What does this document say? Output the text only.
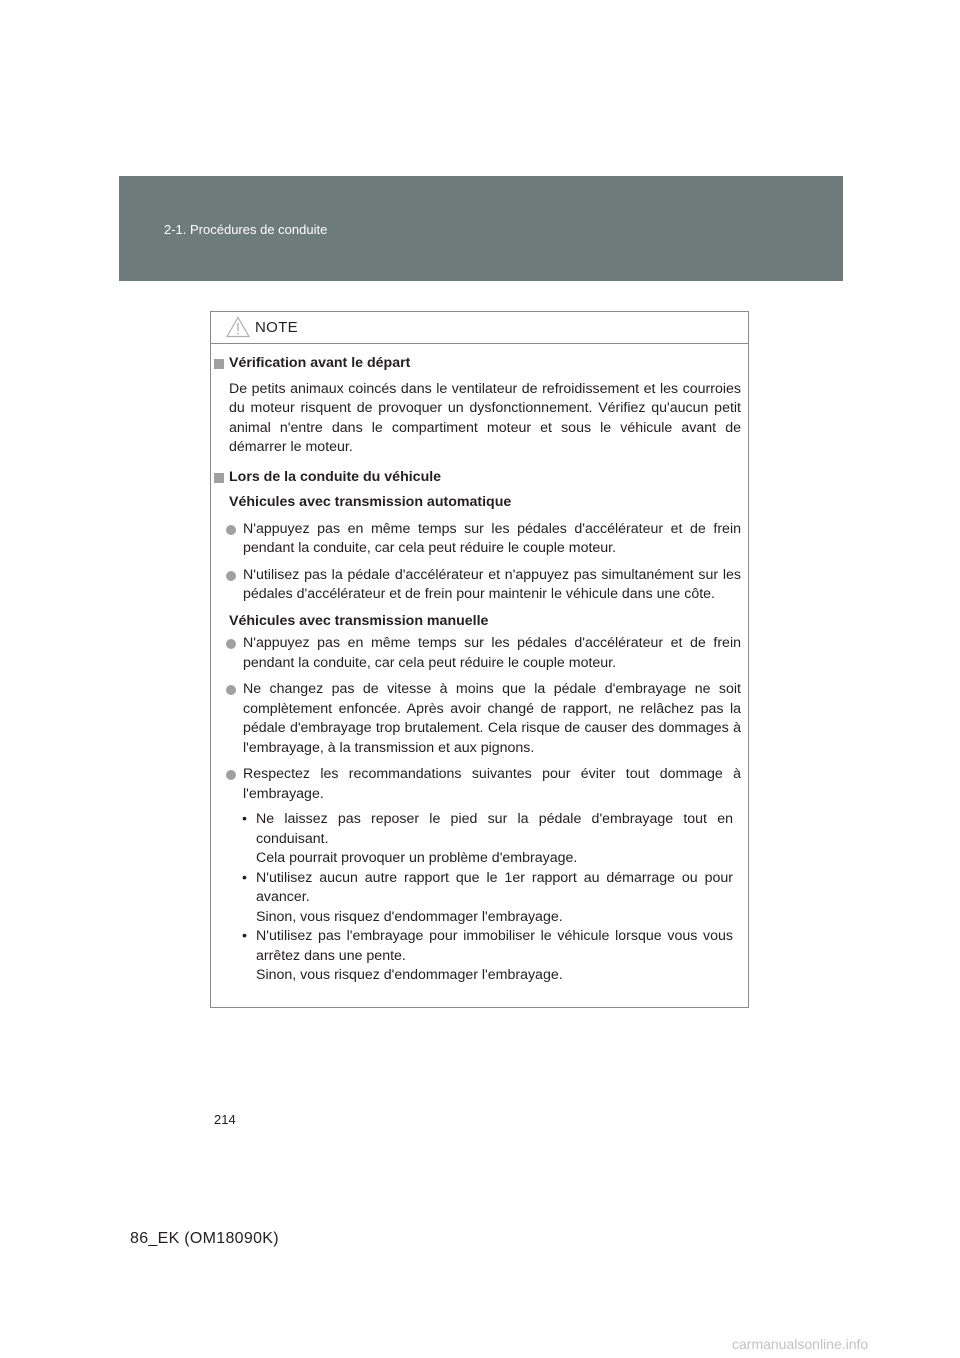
2-1. Procédures de conduite
NOTE
Vérification avant le départ
De petits animaux coincés dans le ventilateur de refroidissement et les courroies du moteur risquent de provoquer un dysfonctionnement. Vérifiez qu'aucun petit animal n'entre dans le compartiment moteur et sous le véhicule avant de démarrer le moteur.
Lors de la conduite du véhicule
Véhicules avec transmission automatique
N'appuyez pas en même temps sur les pédales d'accélérateur et de frein pendant la conduite, car cela peut réduire le couple moteur.
N'utilisez pas la pédale d'accélérateur et n'appuyez pas simultanément sur les pédales d'accélérateur et de frein pour maintenir le véhicule dans une côte.
Véhicules avec transmission manuelle
N'appuyez pas en même temps sur les pédales d'accélérateur et de frein pendant la conduite, car cela peut réduire le couple moteur.
Ne changez pas de vitesse à moins que la pédale d'embrayage ne soit complètement enfoncée. Après avoir changé de rapport, ne relâchez pas la pédale d'embrayage trop brutalement. Cela risque de causer des dommages à l'embrayage, à la transmission et aux pignons.
Respectez les recommandations suivantes pour éviter tout dommage à l'embrayage.
• Ne laissez pas reposer le pied sur la pédale d'embrayage tout en conduisant.
Cela pourrait provoquer un problème d'embrayage.
• N'utilisez aucun autre rapport que le 1er rapport au démarrage ou pour avancer.
Sinon, vous risquez d'endommager l'embrayage.
• N'utilisez pas l'embrayage pour immobiliser le véhicule lorsque vous vous arrêtez dans une pente.
Sinon, vous risquez d'endommager l'embrayage.
214
86_EK (OM18090K)
carmanualsonline.info
